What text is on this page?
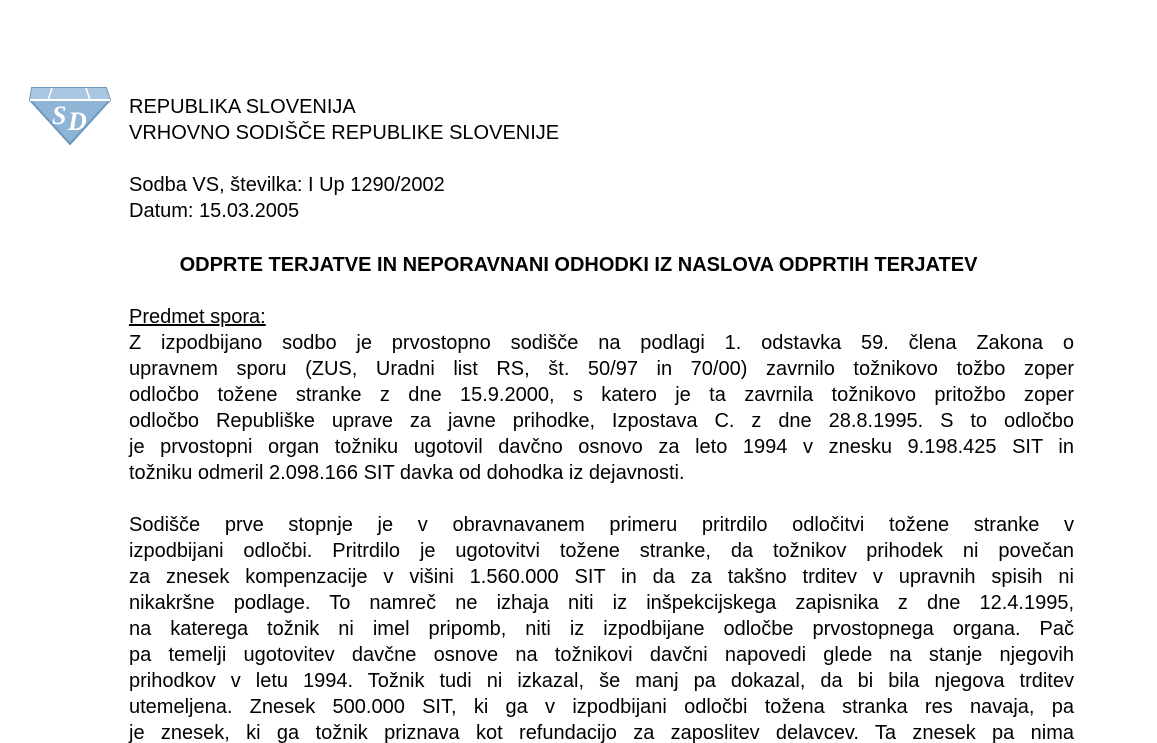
S D REPUBLIKA SLOVENIJA
VRHOVNO SODIŠČE REPUBLIKE SLOVENIJE
Sodba VS, številka: I Up 1290/2002
Datum: 15.03.2005
ODPRTE TERJATVE IN NEPORAVNANI ODHODKI IZ NASLOVA ODPRTIH TERJATEV
Predmet spora:
Z izpodbijano sodbo je prvostopno sodišče na podlagi 1. odstavka 59. člena Zakona o
upravnem sporu (ZUS, Uradni list RS, št. 50/97 in 70/00) zavrnilo tožnikovo tožbo zoper
odločbo tožene stranke z dne 15.9.2000, s katero je ta zavrnila tožnikovo pritožbo zoper
odločbo Republiške uprave za javne prihodke, Izpostava C. z dne 28.8.1995. S to odločbo
je prvostopni organ tožniku ugotovil davčno osnovo za leto 1994 v znesku 9.198.425 SIT in
tožniku odmeril 2.098.166 SIT davka od dohodka iz dejavnosti.
Sodišče prve stopnje je v obravnavanem primeru pritrdilo odločitvi tožene stranke v
izpodbijani odločbi. Pritrdilo je ugotovitvi tožene stranke, da tožnikov prihodek ni povečan
za znesek kompenzacije v višini 1.560.000 SIT in da za takšno trditev v upravnih spisih ni
nikakršne podlage. To namreč ne izhaja niti iz inšpekcijskega zapisnika z dne 12.4.1995,
na katerega tožnik ni imel pripomb, niti iz izpodbijane odločbe prvostopnega organa. Pač
pa temelji ugotovitev davčne osnove na tožnikovi davčni napovedi glede na stanje njegovih
prihodkov v letu 1994. Tožnik tudi ni izkazal, še manj pa dokazal, da bi bila njegova trditev
utemeljena. Znesek 500.000 SIT, ki ga v izpodbijani odločbi tožena stranka res navaja, pa
je znesek, ki ga tožnik priznava kot refundacijo za zaposlitev delavcev. Ta znesek pa nima
